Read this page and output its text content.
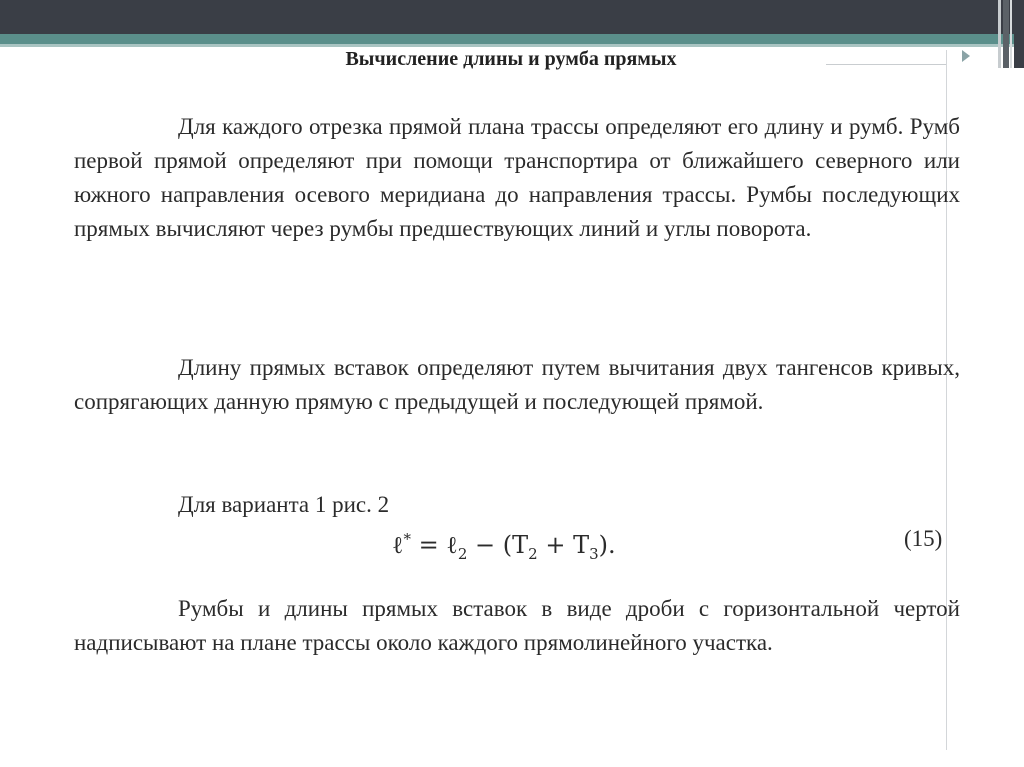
Вычисление длины и румба прямых
Для каждого отрезка прямой плана трассы определяют его длину и румб. Румб первой прямой определяют при помощи транспортира от ближайшего северного или южного направления осевого меридиана до направления трассы. Румбы последующих прямых вычисляют через румбы предшествующих линий и углы поворота.
Длину прямых вставок определяют путем вычитания двух тангенсов кривых, сопрягающих данную прямую с предыдущей и последующей прямой.
Для варианта 1 рис. 2
ℓ* = ℓ$_2$ − $(T_2 + T_3)$.	(15)
Румбы и длины прямых вставок в виде дроби с горизонтальной чертой надписывают на плане трассы около каждого прямолинейного участка.
